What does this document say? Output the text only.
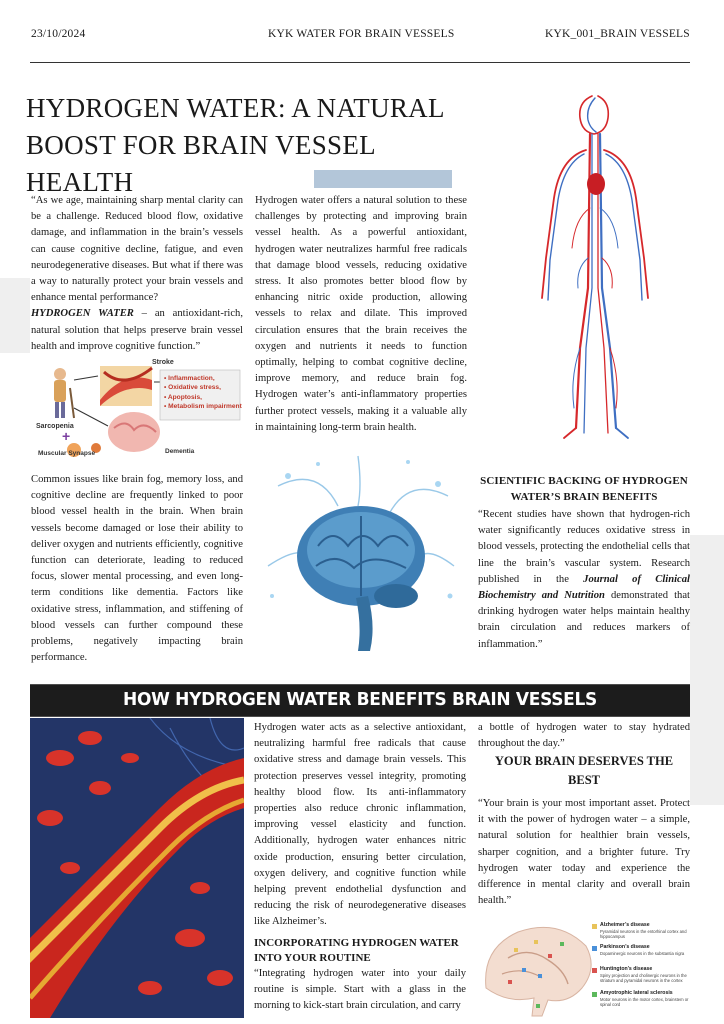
23/10/2024	KYK WATER FOR BRAIN VESSELS	KYK_001_BRAIN VESSELS
HYDROGEN WATER: A NATURAL BOOST FOR BRAIN VESSEL HEALTH
“As we age, maintaining sharp mental clarity can be a challenge. Reduced blood flow, oxidative damage, and inflammation in the brain’s vessels can cause cognitive decline, fatigue, and even neurodegenerative diseases. But what if there was a way to naturally protect your brain vessels and enhance mental performance?
HYDROGEN WATER – an antioxidant-rich, natural solution that helps preserve brain vessel health and improve cognitive function.”
Stroke
• Inflammaction,
• Oxidative stress,
• Apoptosis,
• Metabolism impairment
Sarcopenia
+
Muscular Synapse	Dementia
Hydrogen water offers a natural solution to these challenges by protecting and improving brain vessel health. As a powerful antioxidant, hydrogen water neutralizes harmful free radicals that damage blood vessels, reducing oxidative stress. It also promotes better blood flow by enhancing nitric oxide production, allowing vessels to relax and dilate. This improved circulation ensures that the brain receives the oxygen and nutrients it needs to function optimally, helping to combat cognitive decline, improve memory, and reduce brain fog. Hydrogen water’s anti-inflammatory properties further protect vessels, making it a valuable ally in maintaining long-term brain health.
Common issues like brain fog, memory loss, and cognitive decline are frequently linked to poor blood vessel health in the brain. When brain vessels become damaged or lose their ability to deliver oxygen and nutrients efficiently, cognitive function can deteriorate, leading to reduced focus, slower mental processing, and even long-term conditions like dementia. Factors like oxidative stress, inflammation, and stiffening of blood vessels can further compound these problems, negatively impacting brain performance.
SCIENTIFIC BACKING OF HYDROGEN WATER’S BRAIN BENEFITS
“Recent studies have shown that hydrogen-rich water significantly reduces oxidative stress in blood vessels, protecting the endothelial cells that line the brain’s vascular system. Research published in the Journal of Clinical Biochemistry and Nutrition demonstrated that drinking hydrogen water helps maintain healthy brain circulation and reduces markers of inflammation.”
HOW HYDROGEN WATER BENEFITS BRAIN VESSELS
Hydrogen water acts as a selective antioxidant, neutralizing harmful free radicals that cause oxidative stress and damage brain vessels. This protection preserves vessel integrity, promoting healthy blood flow. Its anti-inflammatory properties also reduce chronic inflammation, improving vessel elasticity and function. Additionally, hydrogen water enhances nitric oxide production, ensuring better circulation, oxygen delivery, and cognitive function while helping prevent endothelial dysfunction and reducing the risk of neurodegenerative diseases like Alzheimer’s.
INCORPORATING HYDROGEN WATER INTO YOUR ROUTINE
“Integrating hydrogen water into your daily routine is simple. Start with a glass in the morning to kick-start brain circulation, and carry
a bottle of hydrogen water to stay hydrated throughout the day.”
YOUR BRAIN DESERVES THE BEST
“Your brain is your most important asset. Protect it with the power of hydrogen water – a simple, natural solution for healthier brain vessels, sharper cognition, and a brighter future. Try hydrogen water today and experience the difference in mental clarity and overall brain health.”
Alzheimer’s disease
Pyramidal neurons in the entorhinal cortex and hippocampus
Parkinson’s disease
Dopaminergic neurons in the substantia nigra
Huntington’s disease
Spiny projection and cholinergic neurons in the striatum and pyramidal neurons in the cortex
Amyotrophic lateral sclerosis
Motor neurons in the motor cortex, brainstem or spinal cord
